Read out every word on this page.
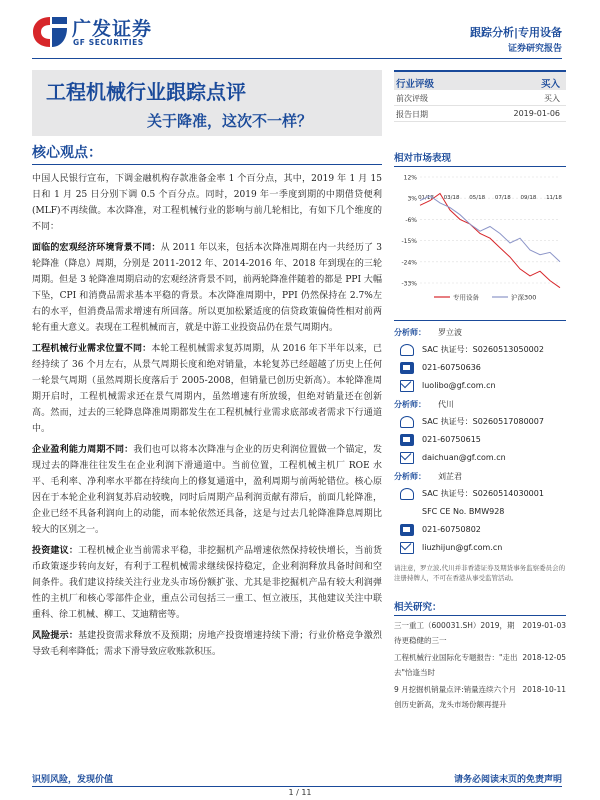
广发证券
GF SECURITIES
跟踪分析|专用设备
证券研究报告
工程机械行业跟踪点评
关于降准，这次不一样？
核心观点：

中国人民银行宣布，下调金融机构存款准备金率 1 个百分点，其中，2019 年 1 月 15 日和 1 月 25 日分别下调 0.5 个百分点。同时，2019 年一季度到期的中期借贷便利(MLF)不再续做。本次降准，对工程机械行业的影响与前几轮相比，有如下几个维度的不同：

面临的宏观经济环境背景不同：从 2011 年以来，包括本次降准周期在内一共经历了 3 轮降准（降息）周期，分别是 2011-2012 年、2014-2016 年、2018 年到现在的三轮周期。但是 3 轮降准周期启动的宏观经济背景不同，前两轮降准伴随着的都是 PPI 大幅下坠，CPI 和消费品需求基本平稳的背景。本次降准周期中，PPI 仍然保持在 2.7%左右的水平，但消费品需求增速有所回落。所以更加松紧适度的信贷政策偏倚性相对前两轮有重大意义。表现在工程机械而言，就是中游工业投资品仍在景气周期内。

工程机械行业需求位置不同：本轮工程机械需求复苏周期，从 2016 年下半年以来，已经持续了 36 个月左右，从景气周期长度和绝对销量，本轮复苏已经超越了历史上任何一轮景气周期（虽然周期长度落后于 2005-2008，但销量已创历史新高）。本轮降准周期开启时，工程机械需求还在景气周期内，虽然增速有所放缓，但绝对销量还在创新高。然而，过去的三轮降息降准周期都发生在工程机械行业需求底部或者需求下行通道中。

企业盈利能力周期不同：我们也可以将本次降准与企业的历史利润位置做一个锚定，发现过去的降准往往发生在企业利润下滑通道中。当前位置，工程机械主机厂 ROE 水平、毛利率、净利率水平都在持续向上的修复通道中，盈利周期与前两轮错位。核心原因在于本轮企业利润复苏启动较晚，同时后周期产品利润贡献有滞后，前面几轮降准，企业已经不具备利润向上的动能，而本轮依然还具备，这是与过去几轮降准降息周期比较大的区别之一。

投资建议：工程机械企业当前需求平稳，非挖掘机产品增速依然保持较快增长，当前货币政策逐步转向友好，有利于工程机械需求继续保持稳定，企业利润释放具备时间和空间条件。我们建议持续关注行业龙头市场份额扩张、尤其是非挖掘机产品有较大利润弹性的主机厂和核心零部件企业，重点公司包括三一重工、恒立液压，其他建议关注中联重科、徐工机械、柳工、艾迪精密等。

风险提示：基建投资需求释放不及预期；房地产投资增速持续下滑；行业价格竞争激烈导致毛利率降低；需求下滑导致应收账款积压。

行业评级	买入
前次评级	买入
报告日期	2019-01-06
相对市场表现
12%
3%
-6%
-15%
-24%
-33%
01/18 03/18 05/18 07/18 09/18 11/18
专用设备	沪深300
分析师： 罗立波
SAC 执证号：S0260513050002
021-60750636
luolibo@gf.com.cn
分析师： 代川
SAC 执证号：S0260517080007
021-60750615
daichuan@gf.com.cn
分析师： 刘芷君
SAC 执证号：S0260514030001
SFC CE No. BMW928
021-60750802
liuzhijun@gf.com.cn
请注意，罗立波,代川并非香港证券及期货事务监察委员会的注册持牌人，不可在香港从事受监管活动。
相关研究：
三一重工（600031.SH）2019，期待更稳健的三一
2019-01-03
工程机械行业国际化专题报告："走出去"恰逢当时
2018-12-05
9 月挖掘机销量点评:销量连续六个月创历史新高，龙头市场份额再提升
2018-10-11
识别风险，发现价值	请务必阅读末页的免责声明
1 / 11
